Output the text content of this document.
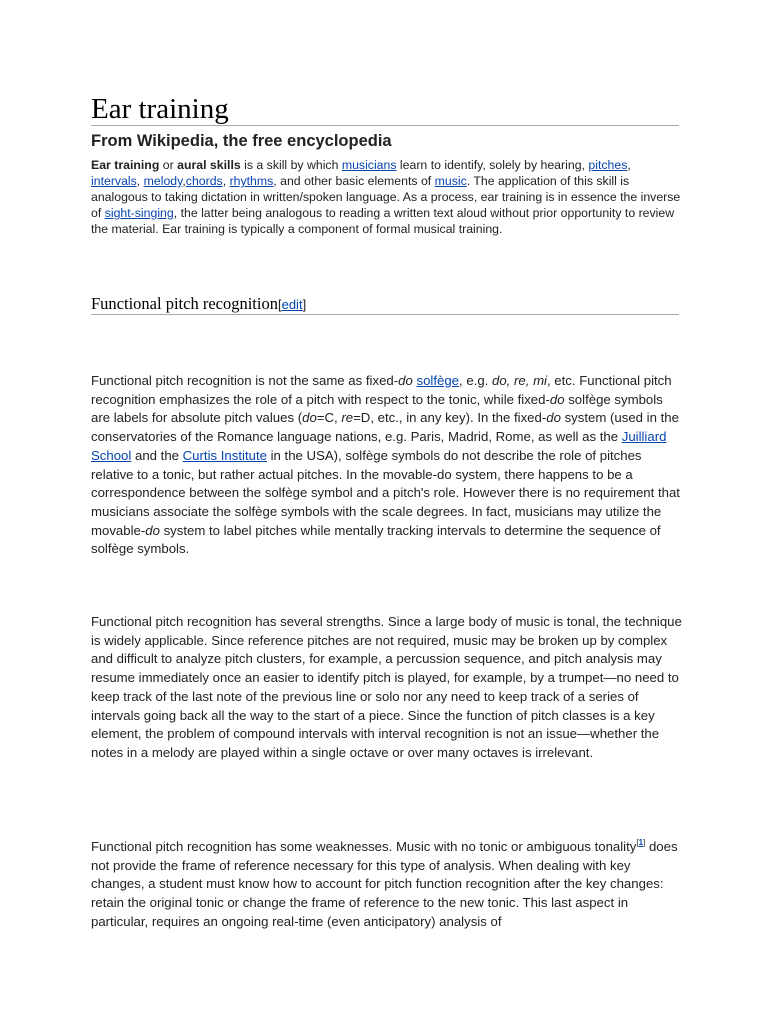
Ear training
From Wikipedia, the free encyclopedia

Ear training or aural skills is a skill by which musicians learn to identify, solely by hearing, pitches, intervals, melody,chords, rhythms, and other basic elements of music. The application of this skill is analogous to taking dictation in written/spoken language. As a process, ear training is in essence the inverse of sight-singing, the latter being analogous to reading a written text aloud without prior opportunity to review the material. Ear training is typically a component of formal musical training.

Functional pitch recognition[edit]

Functional pitch recognition is not the same as fixed-do solfège, e.g. do, re, mi, etc. Functional pitch recognition emphasizes the role of a pitch with respect to the tonic, while fixed-do solfège symbols are labels for absolute pitch values (do=C, re=D, etc., in any key). In the fixed-do system (used in the conservatories of the Romance language nations, e.g. Paris, Madrid, Rome, as well as the Juilliard School and the Curtis Institute in the USA), solfège symbols do not describe the role of pitches relative to a tonic, but rather actual pitches. In the movable-do system, there happens to be a correspondence between the solfège symbol and a pitch's role. However there is no requirement that musicians associate the solfège symbols with the scale degrees. In fact, musicians may utilize the movable-do system to label pitches while mentally tracking intervals to determine the sequence of solfège symbols.

Functional pitch recognition has several strengths. Since a large body of music is tonal, the technique is widely applicable. Since reference pitches are not required, music may be broken up by complex and difficult to analyze pitch clusters, for example, a percussion sequence, and pitch analysis may resume immediately once an easier to identify pitch is played, for example, by a trumpet—no need to keep track of the last note of the previous line or solo nor any need to keep track of a series of intervals going back all the way to the start of a piece. Since the function of pitch classes is a key element, the problem of compound intervals with interval recognition is not an issue—whether the notes in a melody are played within a single octave or over many octaves is irrelevant.

Functional pitch recognition has some weaknesses. Music with no tonic or ambiguous tonality[1] does not provide the frame of reference necessary for this type of analysis. When dealing with key changes, a student must know how to account for pitch function recognition after the key changes: retain the original tonic or change the frame of reference to the new tonic. This last aspect in particular, requires an ongoing real-time (even anticipatory) analysis of
